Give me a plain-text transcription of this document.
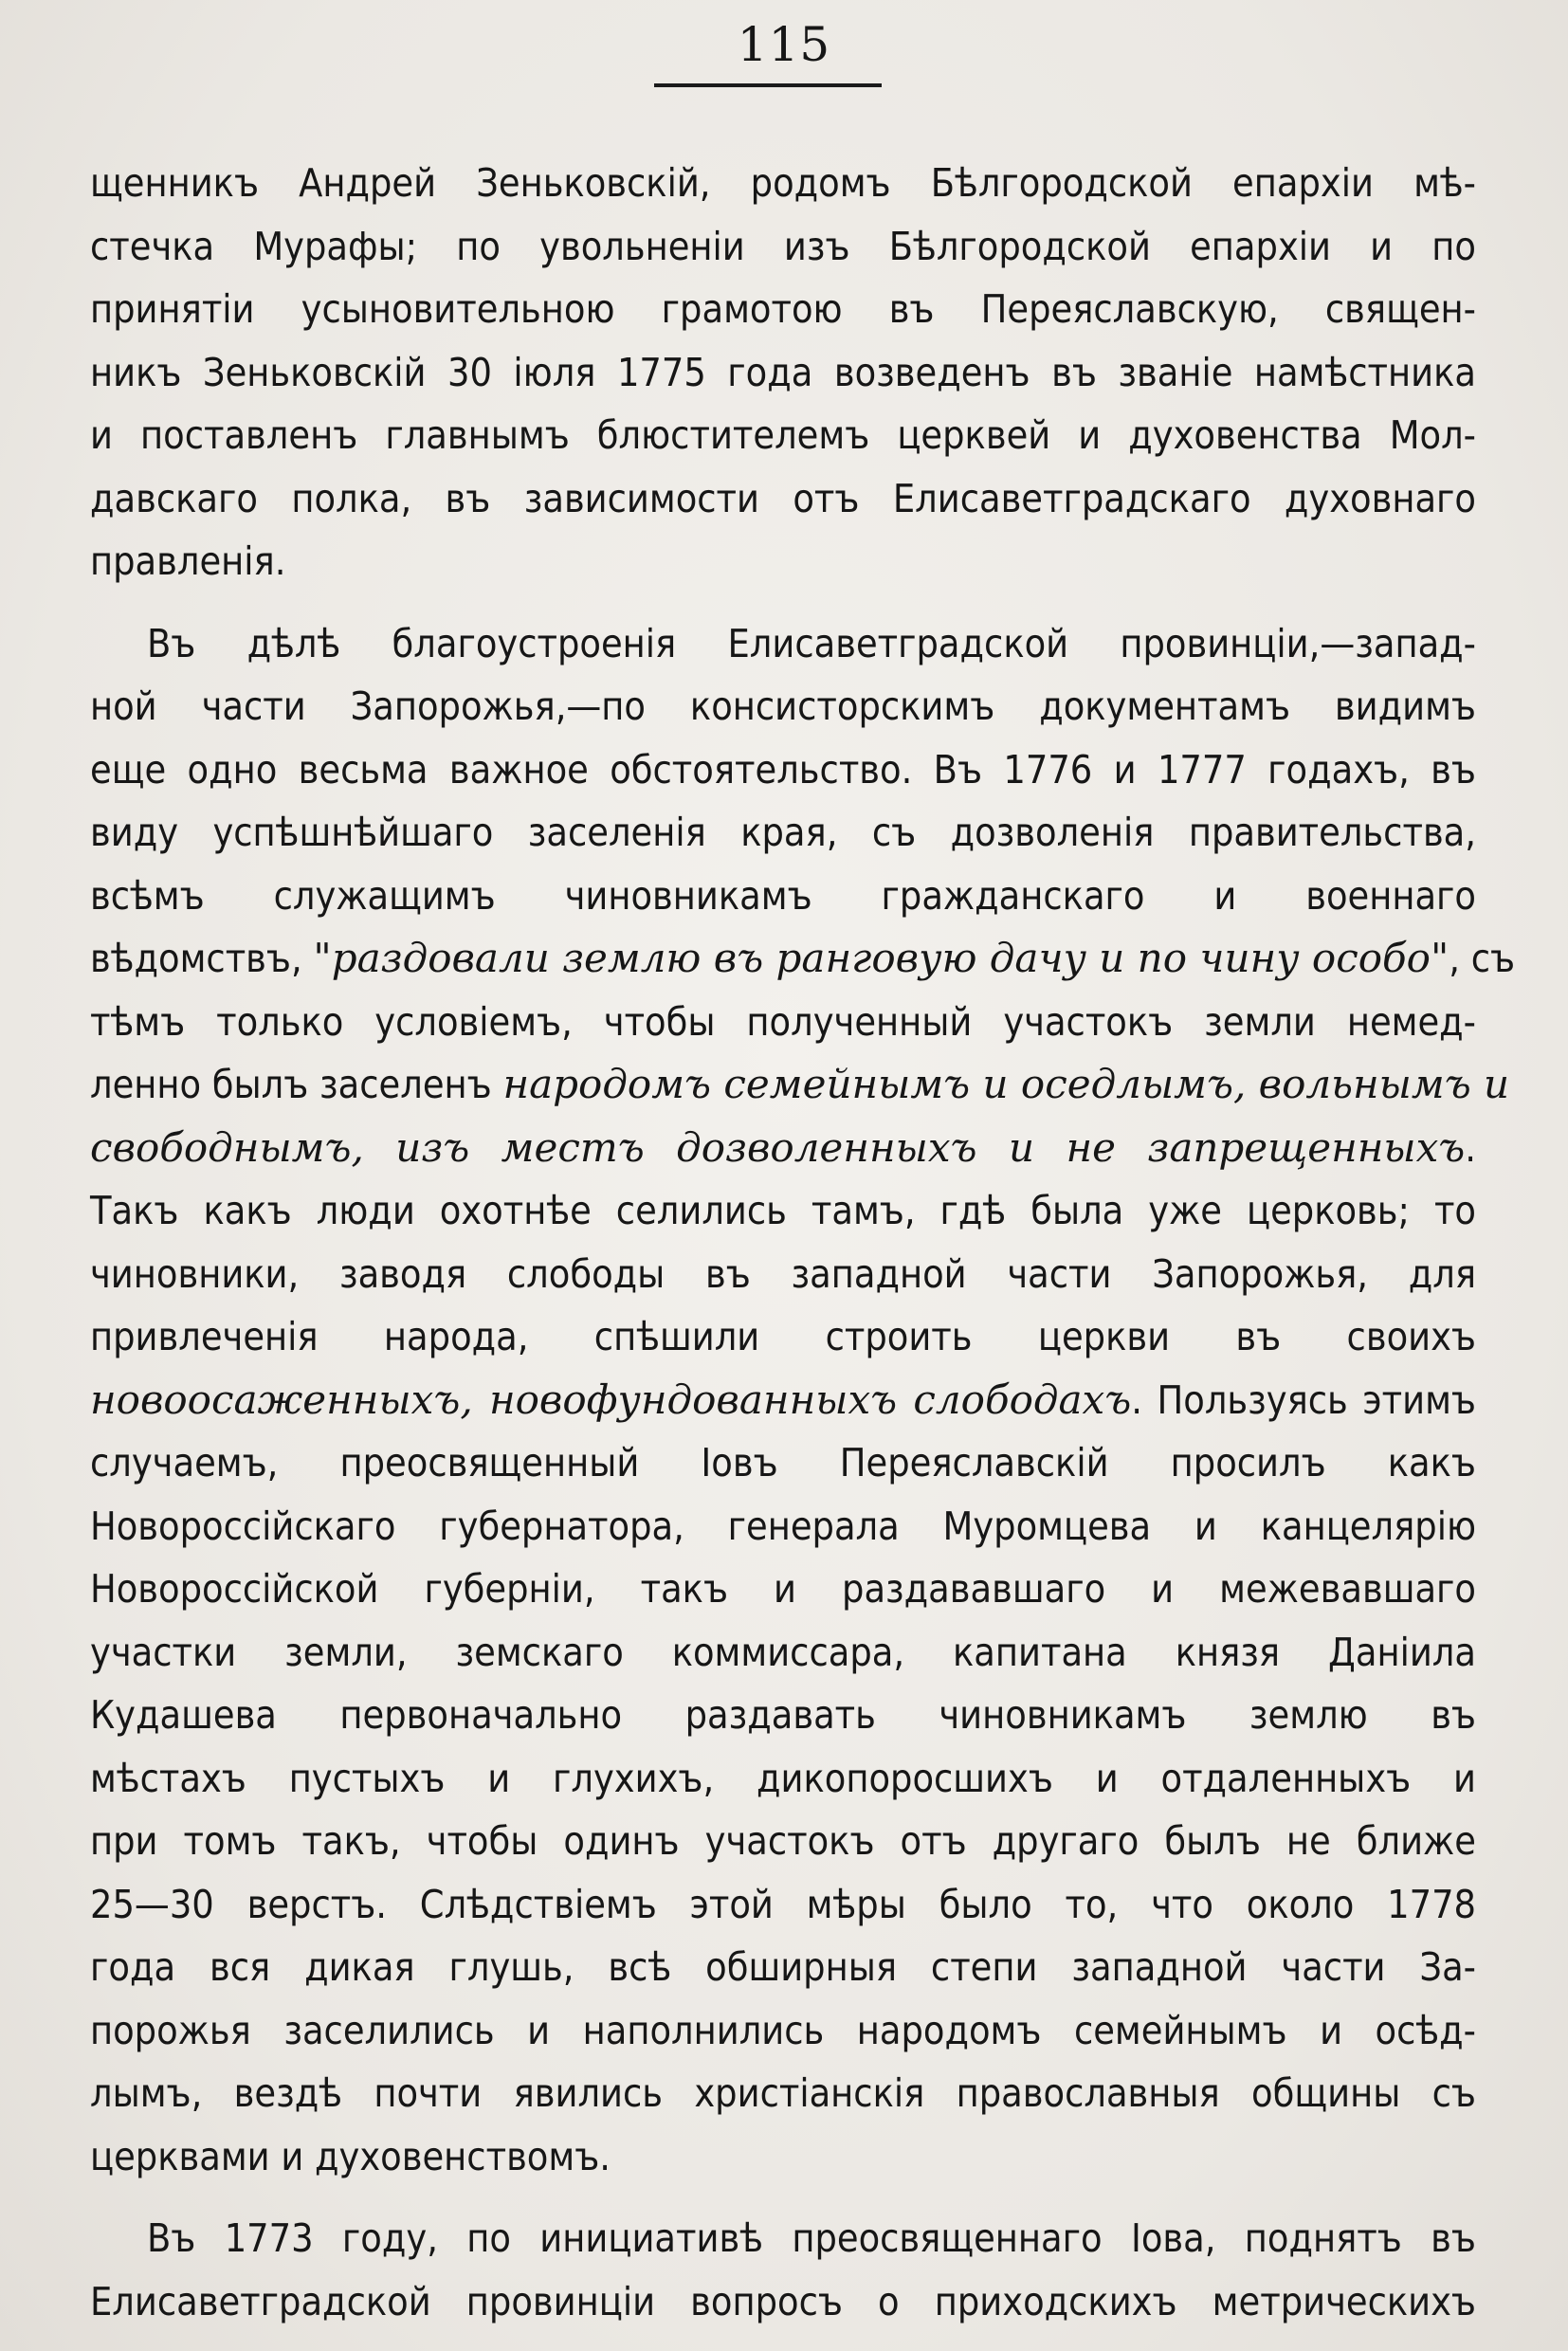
115
щенникъ Андрей Зеньковскій, родомъ Бѣлгородской епархіи мѣ-
стечка Мурафы; по увольненіи изъ Бѣлгородской епархіи и по
принятіи усыновительною грамотою въ Переяславскую, священ-
никъ Зеньковскій 30 іюля 1775 года возведенъ въ званіе намѣстника
и поставленъ главнымъ блюстителемъ церквей и духовенства Мол-
давскаго полка, въ зависимости отъ Елисаветградскаго духовнаго
правленія.
Въ дѣлѣ благоустроенія Елисаветградской провинціи,—запад-
ной части Запорожья,—по консисторскимъ документамъ видимъ
еще одно весьма важное обстоятельство. Въ 1776 и 1777 годахъ, въ
виду успѣшнѣйшаго заселенія края, съ дозволенія правительства,
всѣмъ служащимъ чиновникамъ гражданскаго и военнаго
вѣдомствъ, "раздовали землю въ ранговую дачу и по чину особо", съ
тѣмъ только условіемъ, чтобы полученный участокъ земли немед-
ленно былъ заселенъ народомъ семейнымъ и оседлымъ, вольнымъ и
свободнымъ, изъ местъ дозволенныхъ и не запрещенныхъ.
Такъ какъ люди охотнѣе селились тамъ, гдѣ была уже церковь; то
чиновники, заводя слободы въ западной части Запорожья, для
привлеченія народа, спѣшили строить церкви въ своихъ
новоосаженныхъ, новофундованныхъ слободахъ. Пользуясь этимъ
случаемъ, преосвященный Іовъ Переяславскій просилъ какъ
Новороссійскаго губернатора, генерала Муромцева и канцелярію
Новороссійской губерніи, такъ и раздававшаго и межевавшаго
участки земли, земскаго коммиссара, капитана князя Даніила
Кудашева первоначально раздавать чиновникамъ землю въ
мѣстахъ пустыхъ и глухихъ, дикопоросшихъ и отдаленныхъ и
при томъ такъ, чтобы одинъ участокъ отъ другаго былъ не ближе
25—30 верстъ. Слѣдствіемъ этой мѣры было то, что около 1778
года вся дикая глушь, всѣ обширныя степи западной части За-
порожья заселились и наполнились народомъ семейнымъ и осѣд-
лымъ, вездѣ почти явились христіанскія православныя общины съ
церквами и духовенствомъ.
Въ 1773 году, по инициативѣ преосвященнаго Іова, поднятъ въ
Елисаветградской провинціи вопросъ о приходскихъ метрическихъ
